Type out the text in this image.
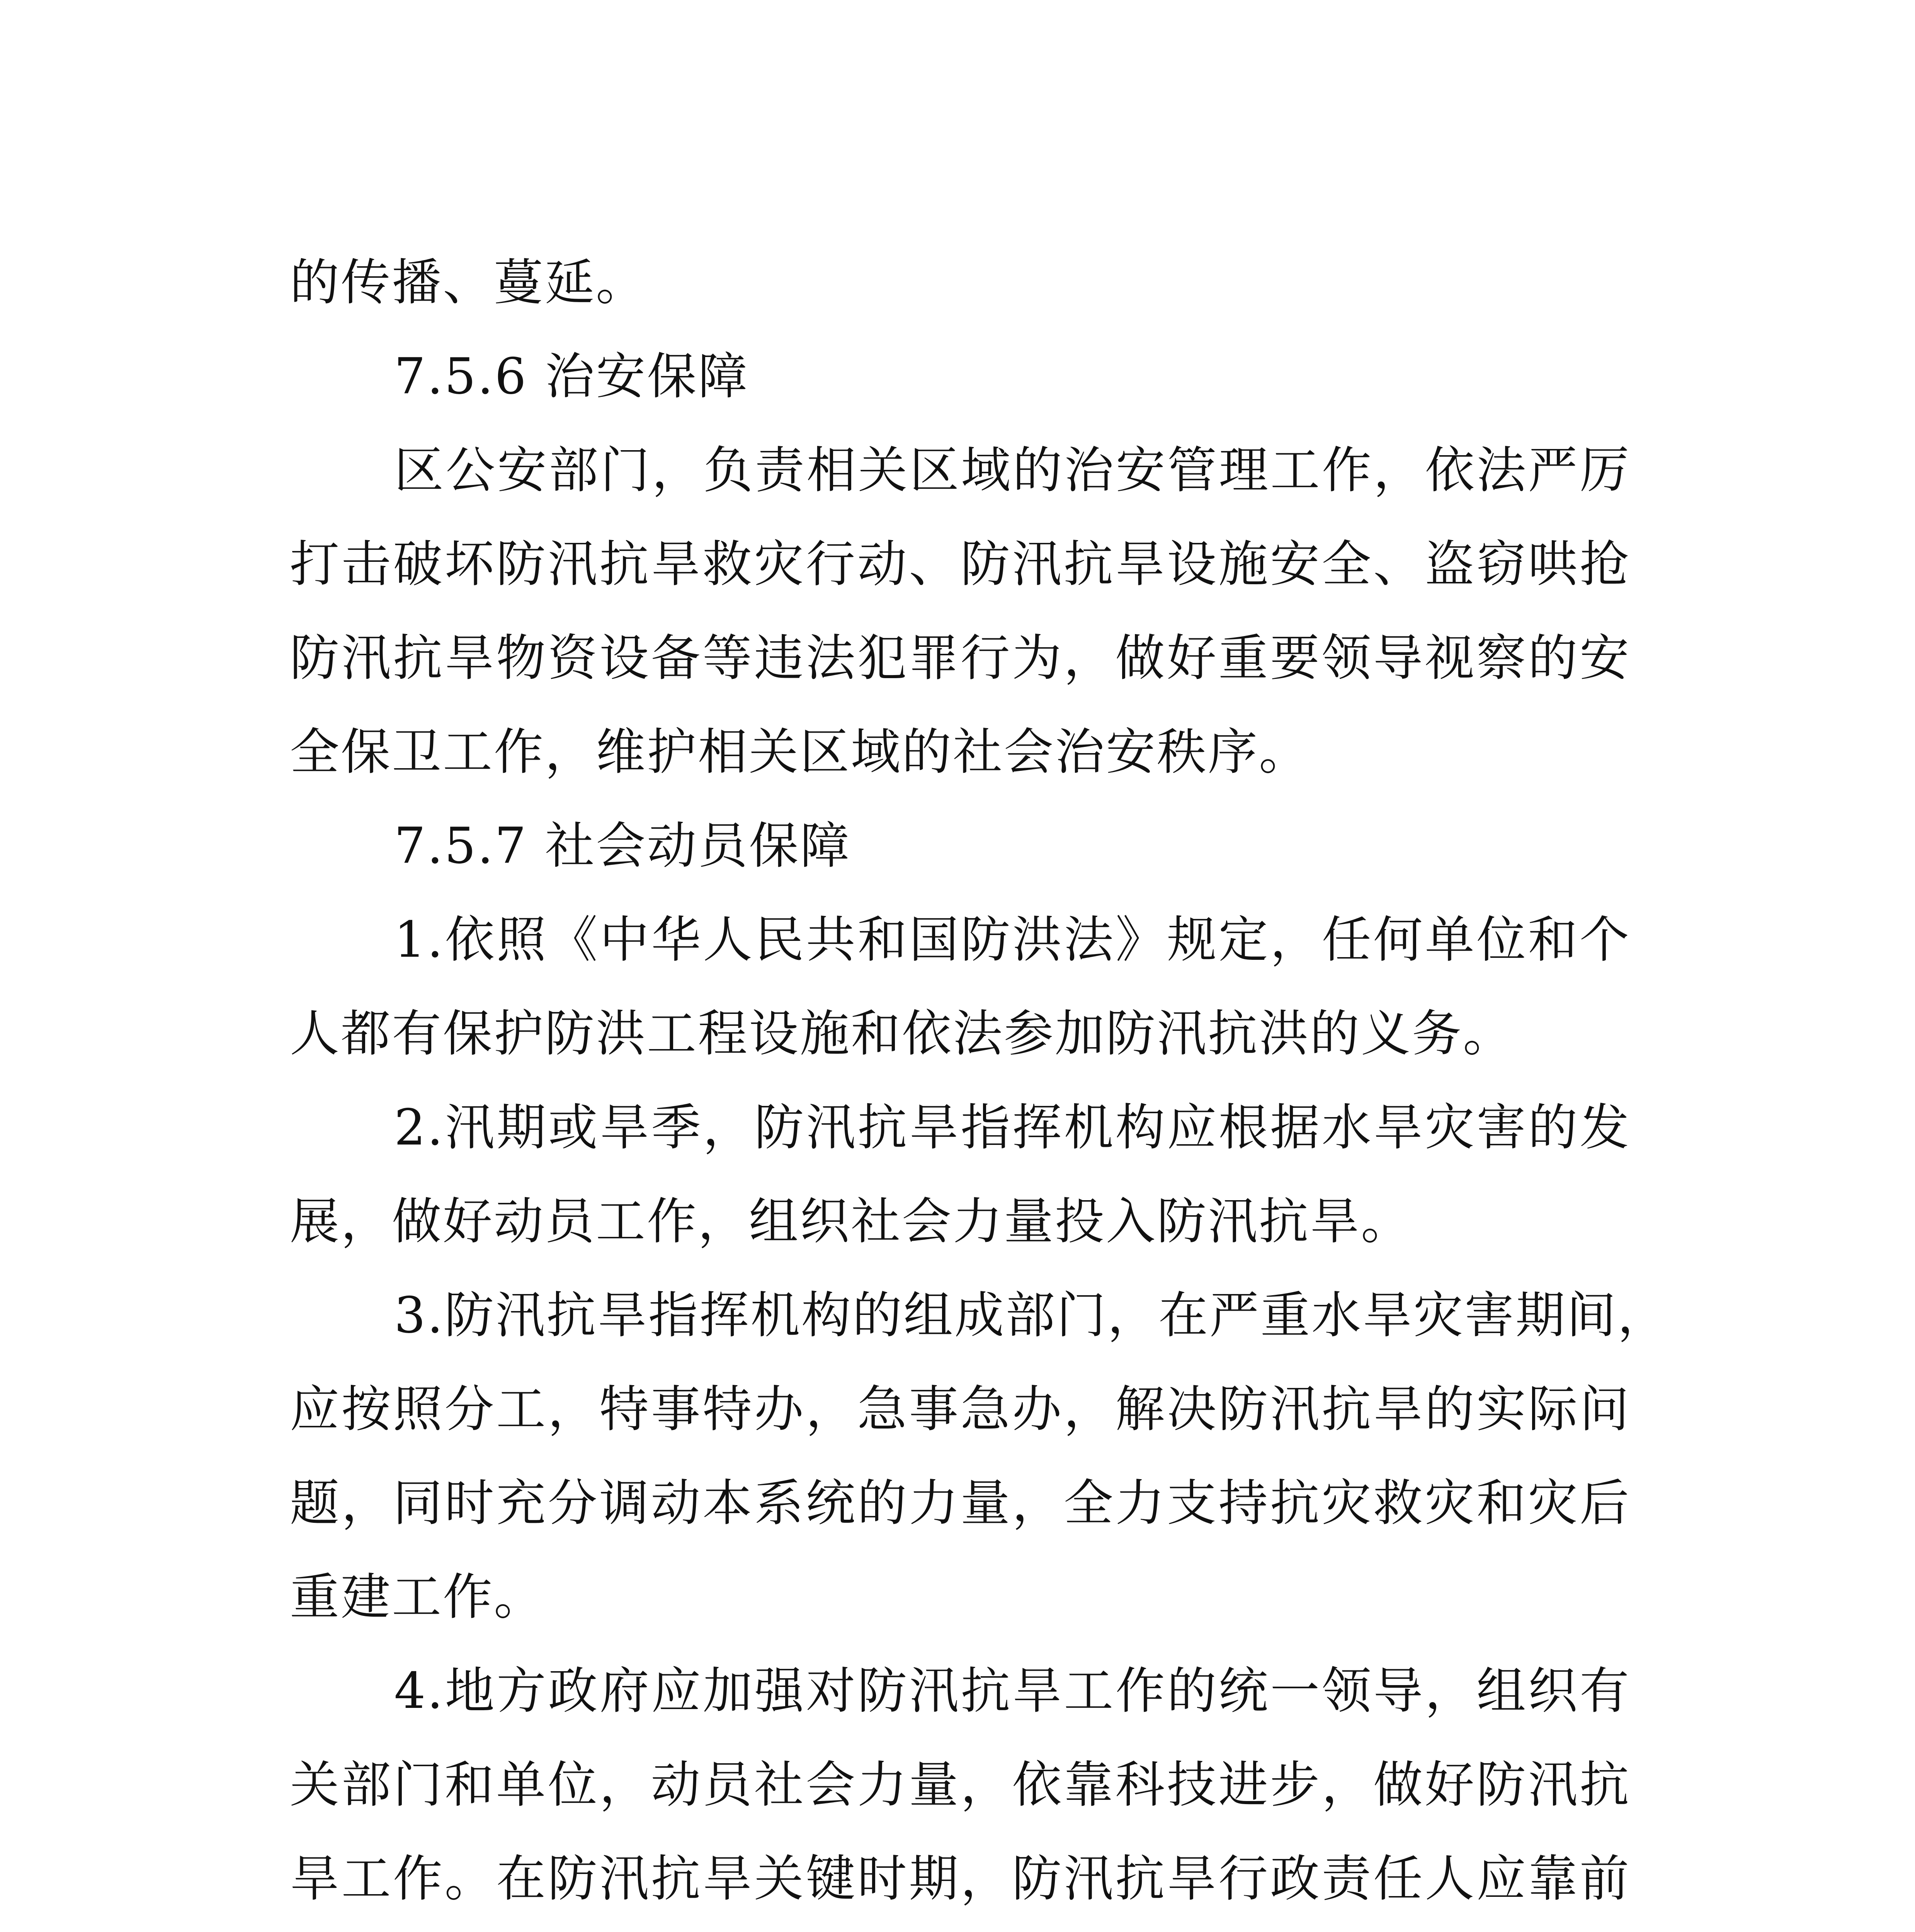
的传播、蔓延。
7.5.6 治安保障
区公安部门，负责相关区域的治安管理工作，依法严厉
打击破坏防汛抗旱救灾行动、防汛抗旱设施安全、盗窃哄抢
防汛抗旱物资设备等违法犯罪行为，做好重要领导视察的安
全保卫工作，维护相关区域的社会治安秩序。
7.5.7 社会动员保障
1.依照《中华人民共和国防洪法》规定，任何单位和个
人都有保护防洪工程设施和依法参加防汛抗洪的义务。
2.汛期或旱季，防汛抗旱指挥机构应根据水旱灾害的发
展，做好动员工作，组织社会力量投入防汛抗旱。
3.防汛抗旱指挥机构的组成部门，在严重水旱灾害期间，
应按照分工，特事特办，急事急办，解决防汛抗旱的实际问
题，同时充分调动本系统的力量，全力支持抗灾救灾和灾后
重建工作。
4.地方政府应加强对防汛抗旱工作的统一领导，组织有
关部门和单位，动员社会力量，依靠科技进步，做好防汛抗
旱工作。在防汛抗旱关键时期，防汛抗旱行政责任人应靠前
